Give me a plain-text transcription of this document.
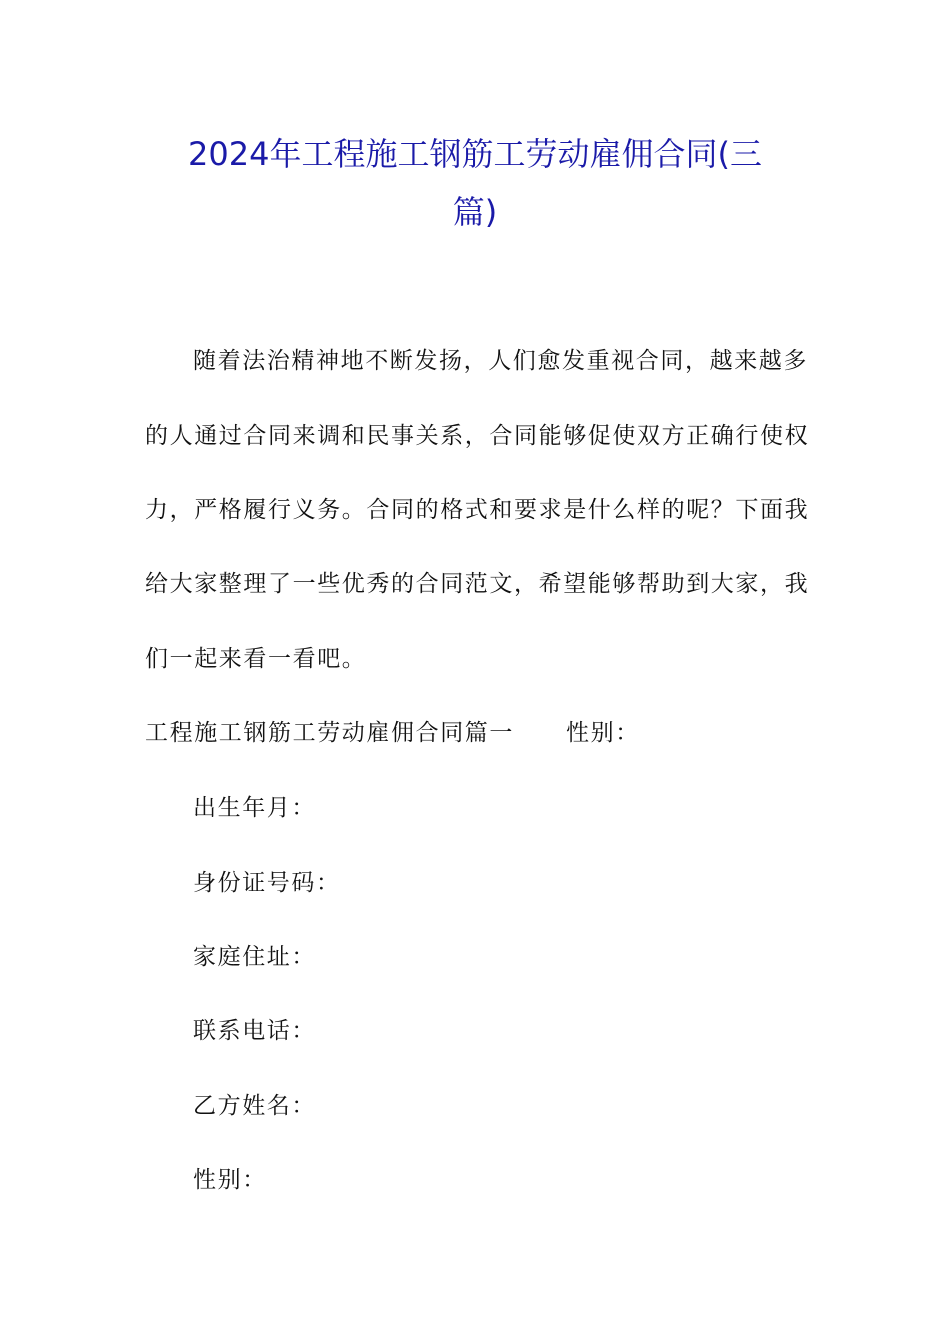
2024年工程施工钢筋工劳动雇佣合同(三
篇)
随着法治精神地不断发扬，人们愈发重视合同，越来越多
的人通过合同来调和民事关系，合同能够促使双方正确行使权
力，严格履行义务。合同的格式和要求是什么样的呢？下面我
给大家整理了一些优秀的合同范文，希望能够帮助到大家，我
们一起来看一看吧。
工程施工钢筋工劳动雇佣合同篇一 性别：
出生年月：
身份证号码：
家庭住址：
联系电话：
乙方姓名：
性别：
